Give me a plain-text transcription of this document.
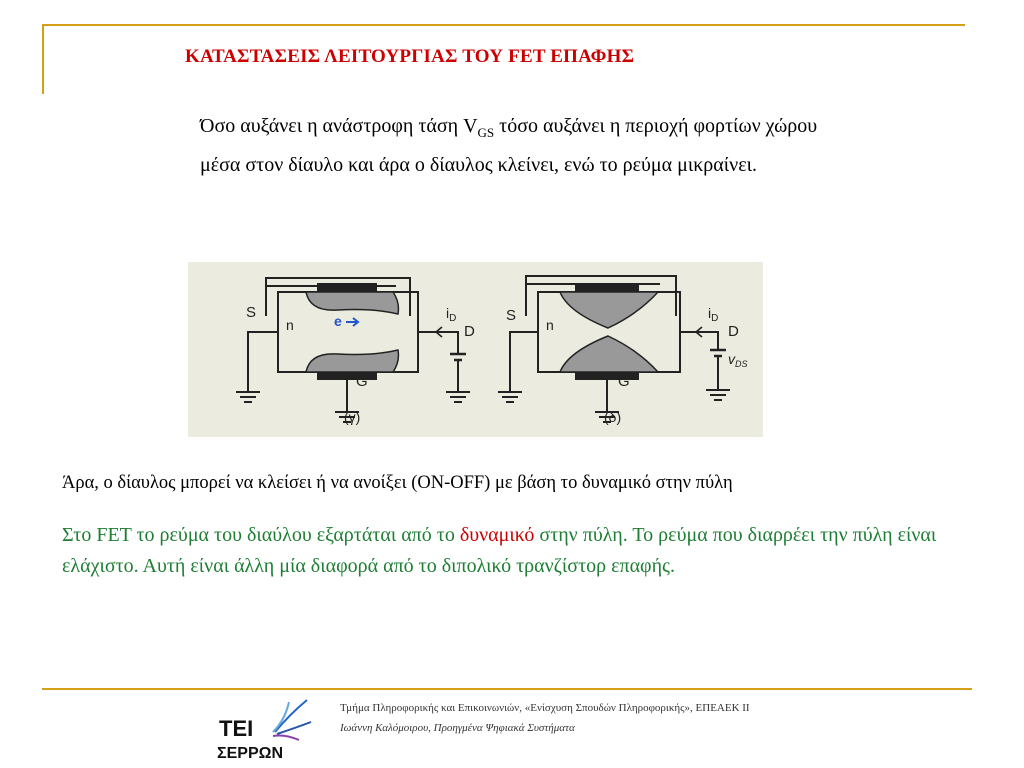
ΚΑΤΑΣΤΑΣΕΙΣ ΛΕΙΤΟΥΡΓΙΑΣ ΤΟΥ FET ΕΠΑΦΗΣ
Όσο αυξάνει η ανάστροφη τάση $V_{GS}$ τόσο αυξάνει η περιοχή φορτίων χώρου μέσα στον δίαυλο και άρα ο δίαυλος κλείνει, ενώ το ρεύμα μικραίνει.
S
n	e	$i_D$
D
G
(γ)
S
n
$i_D$
D
$v_{DS}$
G
(δ)
Άρα, ο δίαυλος μπορεί να κλείσει ή να ανοίξει (ON-OFF) με βάση το δυναμικό στην πύλη
Στο FET το ρεύμα του διαύλου εξαρτάται από το δυναμικό στην πύλη. Το ρεύμα που διαρρέει την πύλη είναι ελάχιστο. Αυτή είναι άλλη μία διαφορά από το διπολικό τρανζίστορ επαφής.
ΤΕΙ
ΣΕΡΡΩΝ
Τμήμα Πληροφορικής και Επικοινωνιών, «Ενίσχυση Σπουδών Πληροφορικής», ΕΠΕΑΕΚ ΙΙ
Ιωάννη Καλόμοιρου, Προηγμένα Ψηφιακά Συστήματα
